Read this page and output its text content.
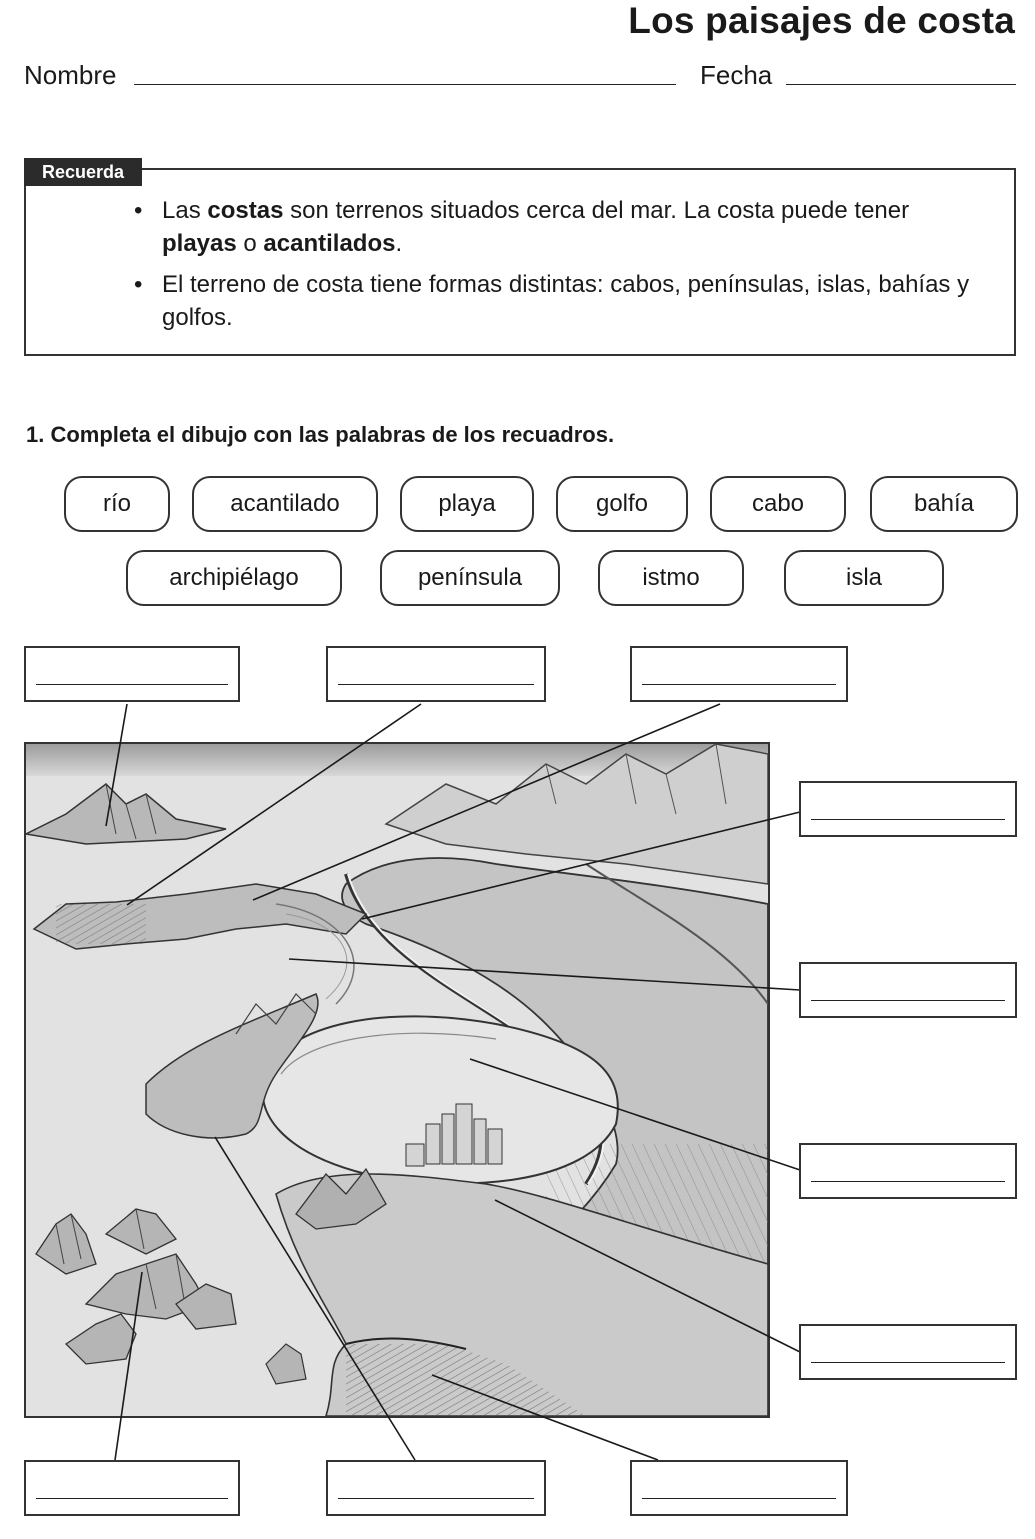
Los paisajes de costa
Nombre	Fecha
Recuerda
• Las costas son terrenos situados cerca del mar. La costa puede tener playas o acantilados.
• El terreno de costa tiene formas distintas: cabos, penínsulas, islas, bahías y golfos.
1. Completa el dibujo con las palabras de los recuadros.
río	acantilado	playa	golfo	cabo	bahía
archipiélago	península	istmo	isla
